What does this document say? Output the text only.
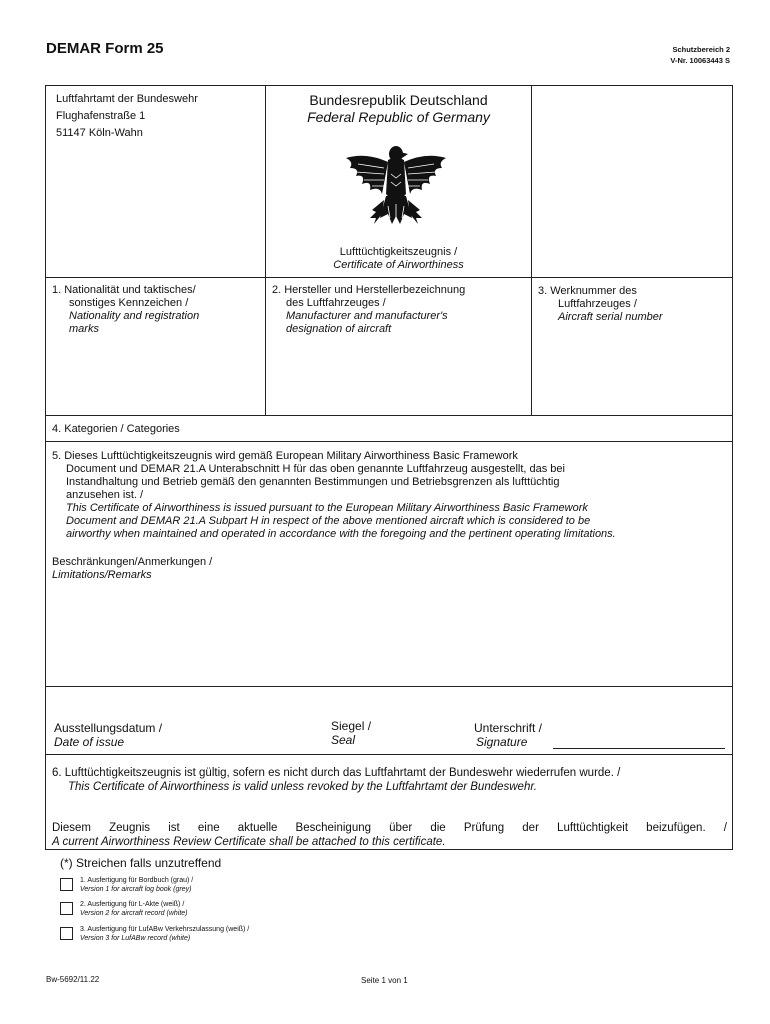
DEMAR Form 25	Schutzbereich 2
V-Nr. 10063443 S
Luftfahrtamt der Bundeswehr
Flughafenstraße 1
51147 Köln-Wahn
Bundesrepublik Deutschland
Federal Republic of Germany
Lufttüchtigkeitszeugnis /
Certificate of Airworthiness
1. Nationalität und taktisches/
sonstiges Kennzeichen /
Nationality and registration
marks
2. Hersteller und Herstellerbezeichnung
des Luftfahrzeuges /
Manufacturer and manufacturer's
designation of aircraft
3. Werknummer des
Luftfahrzeuges /
Aircraft serial number
4. Kategorien / Categories
5. Dieses Lufttüchtigkeitszeugnis wird gemäß European Military Airworthiness Basic Framework
Document und DEMAR 21.A Unterabschnitt H für das oben genannte Luftfahrzeug ausgestellt, das bei
Instandhaltung und Betrieb gemäß den genannten Bestimmungen und Betriebsgrenzen als lufttüchtig
anzusehen ist. /
This Certificate of Airworthiness is issued pursuant to the European Military Airworthiness Basic Framework
Document and DEMAR 21.A Subpart H in respect of the above mentioned aircraft which is considered to be
airworthy when maintained and operated in accordance with the foregoing and the pertinent operating limitations.
Beschränkungen/Anmerkungen /
Limitations/Remarks
Ausstellungsdatum /
Date of issue
Siegel /
Seal
Unterschrift /
Signature
6. Lufttüchtigkeitszeugnis ist gültig, sofern es nicht durch das Luftfahrtamt der Bundeswehr wiederrufen wurde. /
This Certificate of Airworthiness is valid unless revoked by the Luftfahrtamt der Bundeswehr.
Diesem Zeugnis ist eine aktuelle Bescheinigung über die Prüfung der Lufttüchtigkeit beizufügen. /
A current Airworthiness Review Certificate shall be attached to this certificate.
(*) Streichen falls unzutreffend
1. Ausfertigung für Bordbuch (grau) /
Version 1 for aircraft log book (grey)
2. Ausfertigung für L-Akte (weiß) /
Version 2 for aircraft record (white)
3. Ausfertigung für LufABw Verkehrszulassung (weiß) /
Version 3 for LufABw record (white)
Bw-5692/11.22	Seite 1 von 1
